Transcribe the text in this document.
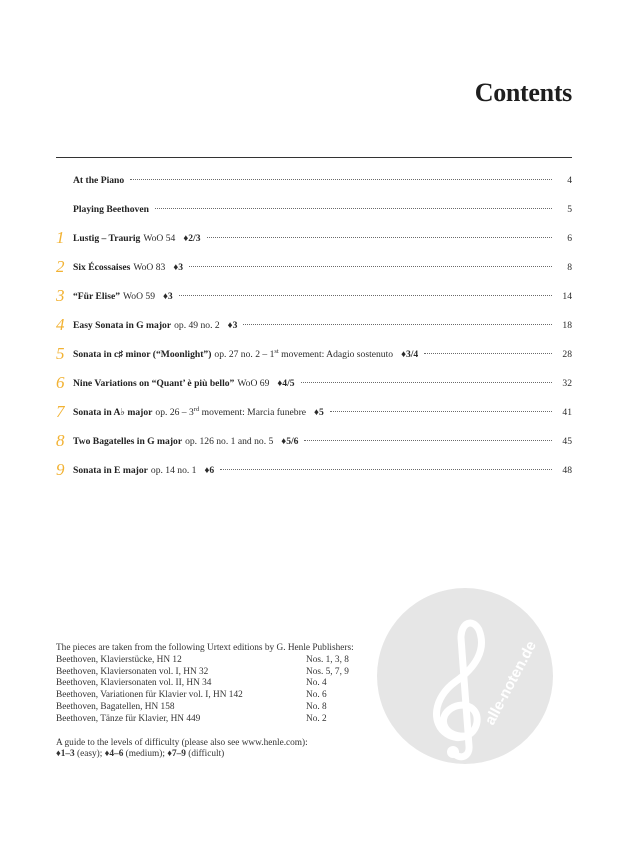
Contents
At the Piano	4
Playing Beethoven	5
1 Lustig – Traurig WoO 54 ♦2/3	6
2 Six Écossaises WoO 83 ♦3	8
3 “Für Elise” WoO 59 ♦3	14
4 Easy Sonata in G major op. 49 no. 2 ♦3	18
5 Sonata in c♯ minor (“Moonlight”) op. 27 no. 2 – 1st movement: Adagio sostenuto ♦3/4	28
6 Nine Variations on “Quant’ è più bello” WoO 69 ♦4/5	32
7 Sonata in A♭ major op. 26 – 3rd movement: Marcia funebre ♦5	41
8 Two Bagatelles in G major op. 126 no. 1 and no. 5 ♦5/6	45
9 Sonata in E major op. 14 no. 1 ♦6	48
alle-noten.de
The pieces are taken from the following Urtext editions by G. Henle Publishers:
Beethoven, Klavierstücke, HN 12	Nos. 1, 3, 8
Beethoven, Klaviersonaten vol. I, HN 32	Nos. 5, 7, 9
Beethoven, Klaviersonaten vol. II, HN 34	No. 4
Beethoven, Variationen für Klavier vol. I, HN 142	No. 6
Beethoven, Bagatellen, HN 158	No. 8
Beethoven, Tänze für Klavier, HN 449	No. 2
A guide to the levels of difficulty (please also see www.henle.com):
♦1–3 (easy); ♦4–6 (medium); ♦7–9 (difficult)
